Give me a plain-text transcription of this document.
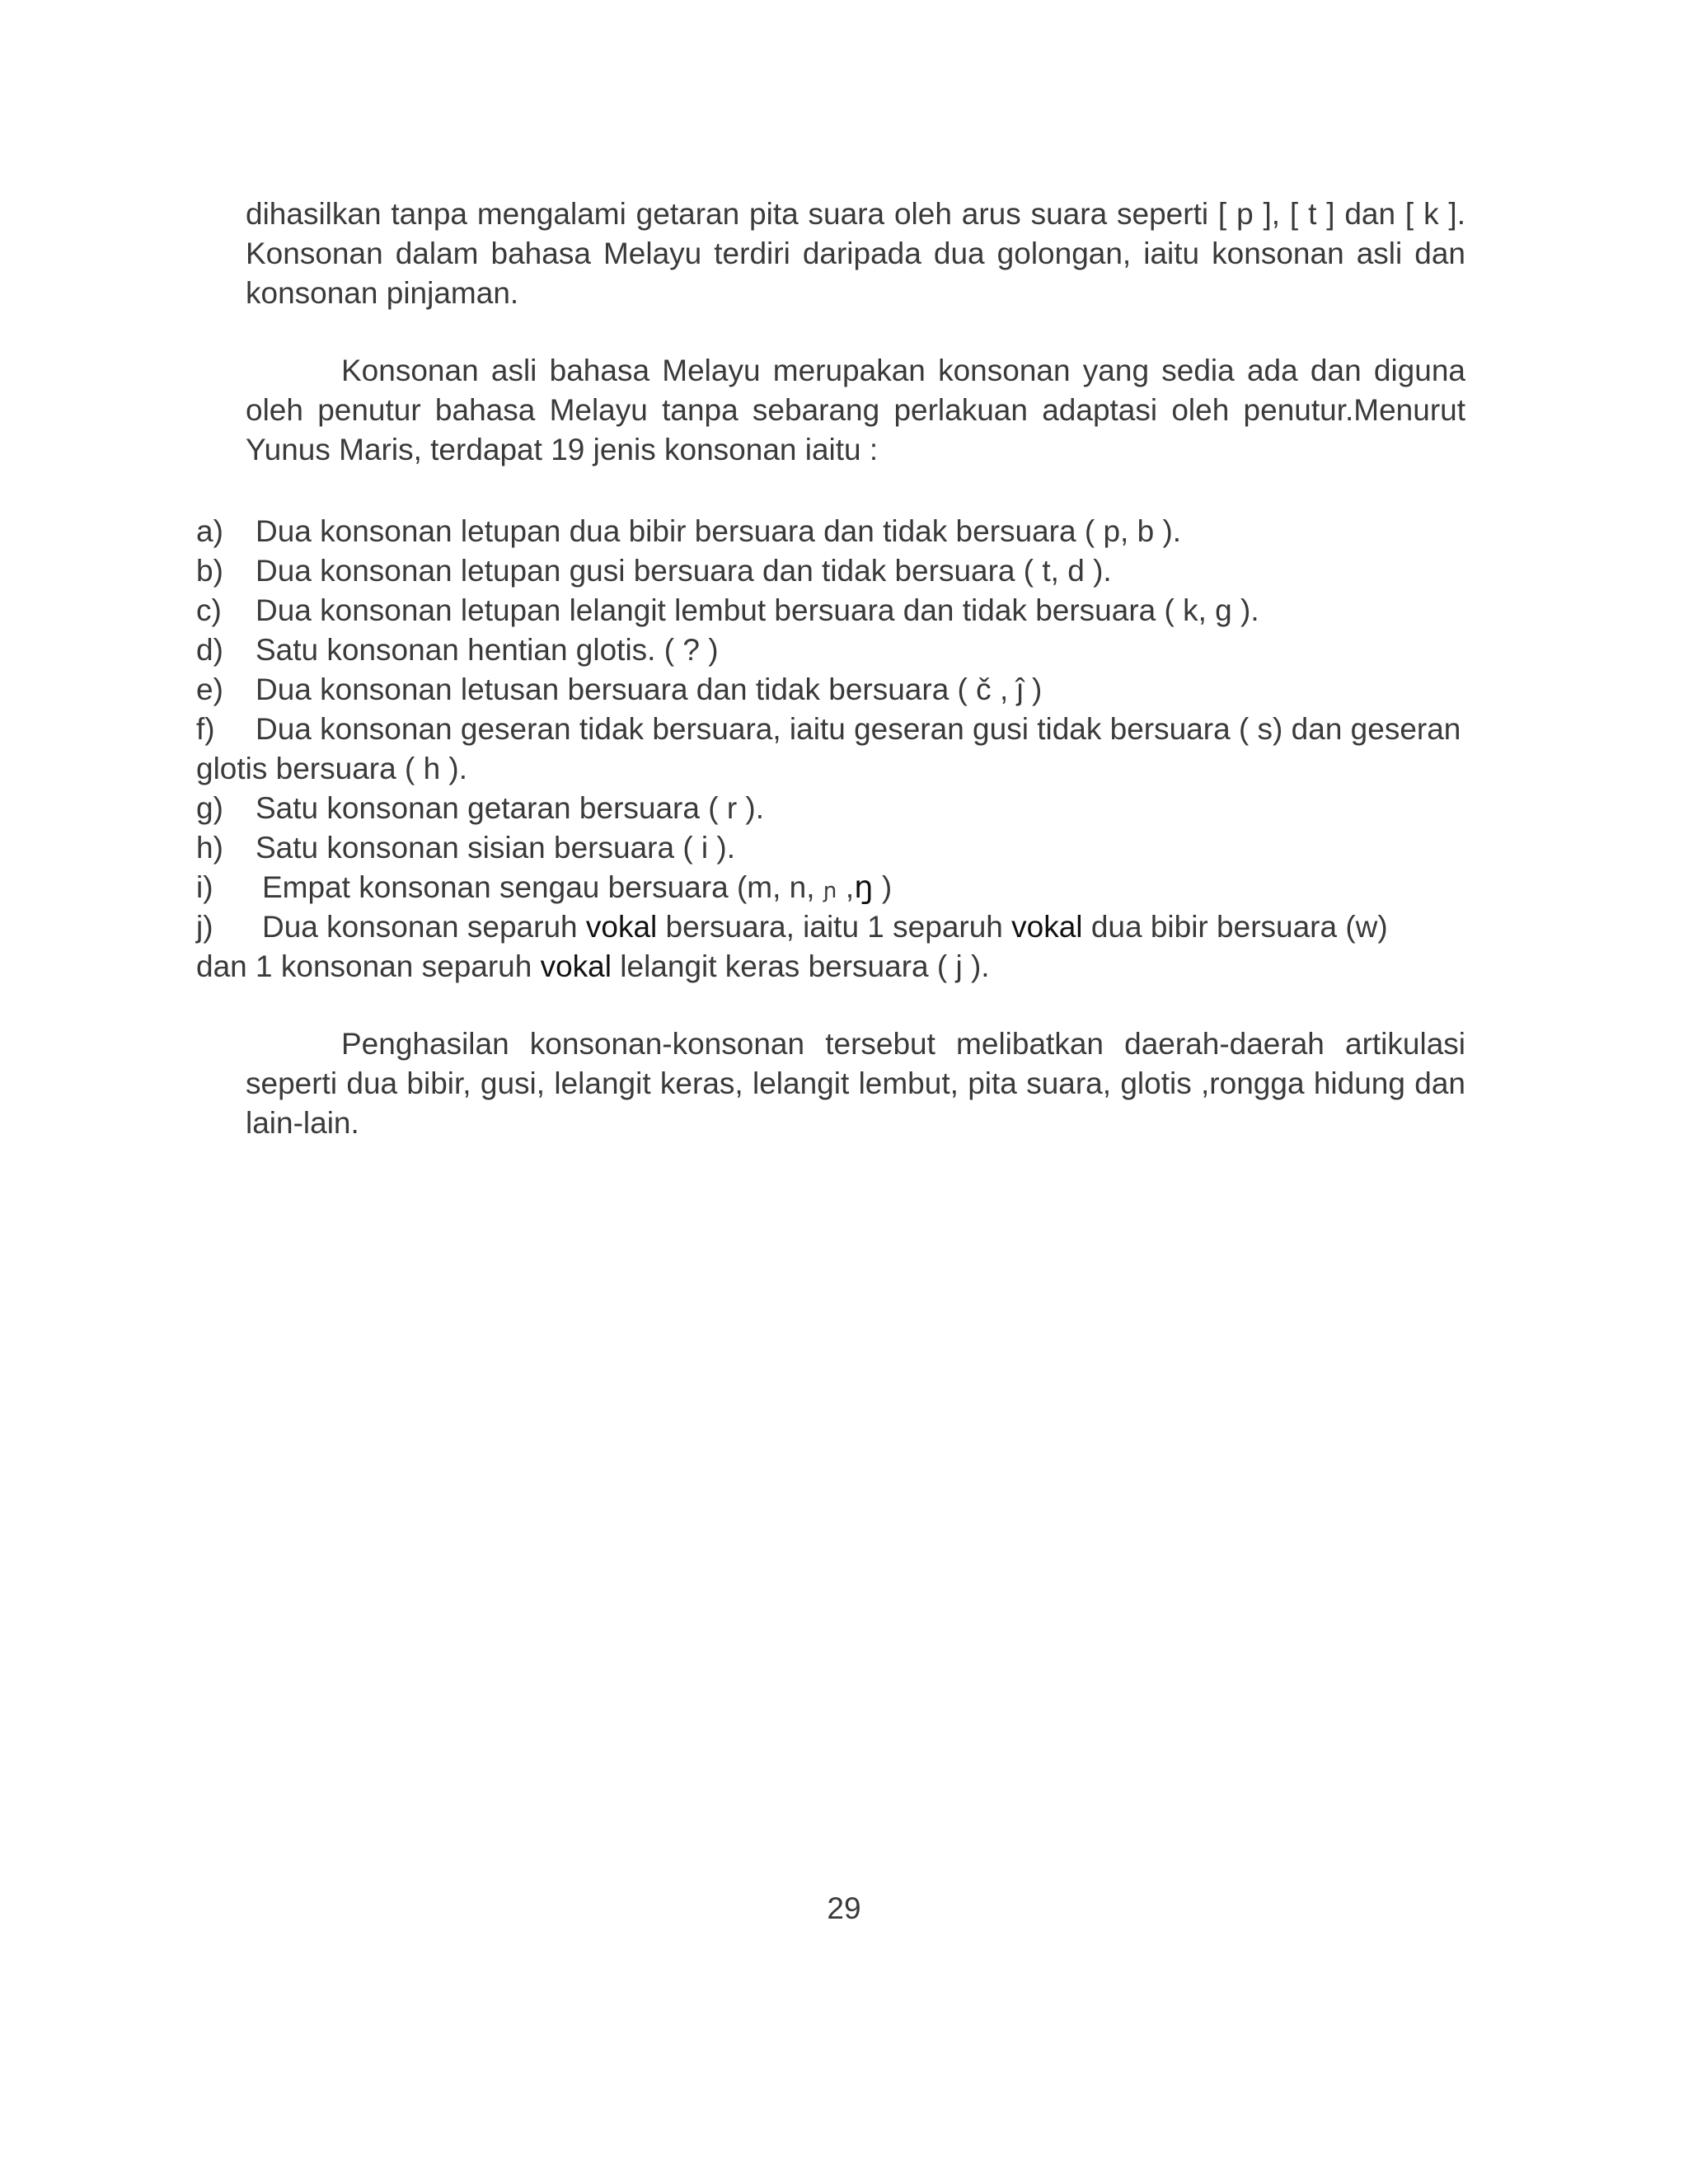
dihasilkan tanpa mengalami getaran pita suara oleh arus suara seperti [ p ], [ t ] dan [ k ].
Konsonan dalam bahasa Melayu terdiri daripada dua golongan, iaitu konsonan asli dan
konsonan pinjaman.
Konsonan asli bahasa Melayu merupakan konsonan yang sedia ada dan diguna
oleh penutur bahasa Melayu tanpa sebarang perlakuan adaptasi oleh penutur.Menurut
Yunus Maris, terdapat 19 jenis konsonan iaitu :
a) Dua konsonan letupan dua bibir bersuara dan tidak bersuara ( p, b ).
b) Dua konsonan letupan gusi bersuara dan tidak bersuara ( t, d ).
c) Dua konsonan letupan lelangit lembut bersuara dan tidak bersuara ( k, g ).
d) Satu konsonan hentian glotis. ( ? )
e) Dua konsonan letusan bersuara dan tidak bersuara ( č , ĵ )
f) Dua konsonan geseran tidak bersuara, iaitu geseran gusi tidak bersuara ( s) dan geseran
glotis bersuara ( h ).
g) Satu konsonan getaran bersuara ( r ).
h) Satu konsonan sisian bersuara ( i ).
i) Empat konsonan sengau bersuara (m, n, ɲ ,ŋ )
j) Dua konsonan separuh vokal bersuara, iaitu 1 separuh vokal dua bibir bersuara (w)
dan 1 konsonan separuh vokal lelangit keras bersuara ( j ).
Penghasilan konsonan-konsonan tersebut melibatkan daerah-daerah artikulasi
seperti dua bibir, gusi, lelangit keras, lelangit lembut, pita suara, glotis ,rongga hidung dan
lain-lain.
29
